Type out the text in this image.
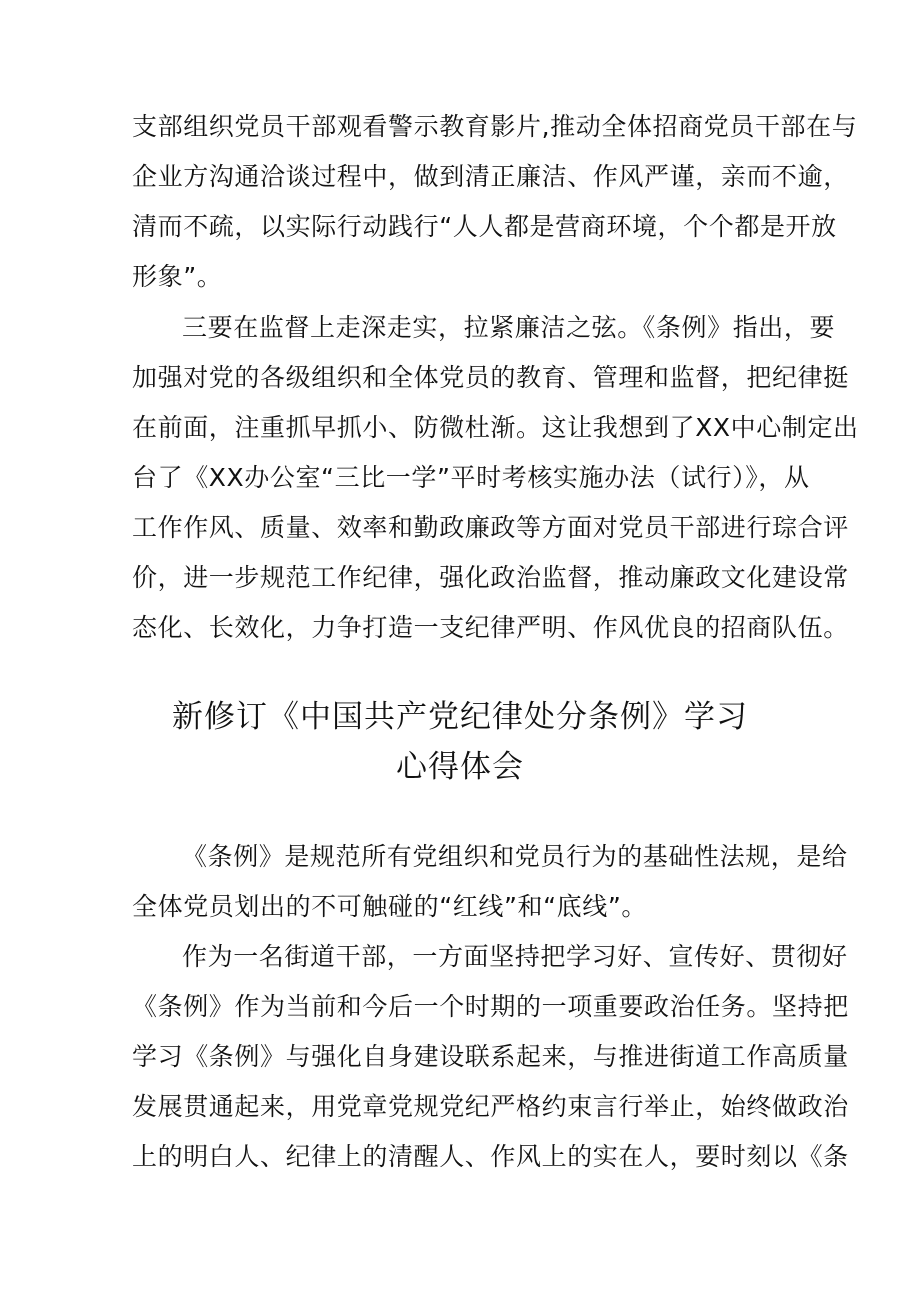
支部组织党员干部观看警示教育影片,推动全体招商党员干部在与
企业方沟通洽谈过程中，做到清正廉洁、作风严谨，亲而不逾，
清而不疏，以实际行动践行“人人都是营商环境，个个都是开放
形象”。
三要在监督上走深走实，拉紧廉洁之弦。《条例》指出，要
加强对党的各级组织和全体党员的教育、管理和监督，把纪律挺
在前面，注重抓早抓小、防微杜渐。这让我想到了XX中心制定出
台了《XX办公室“三比一学”平时考核实施办法（试行）》，从
工作作风、质量、效率和勤政廉政等方面对党员干部进行琮合评
价，进一步规范工作纪律，强化政治监督，推动廉政文化建设常
态化、长效化，力争打造一支纪律严明、作风优良的招商队伍。
新修订《中国共产党纪律处分条例》学习
心得体会
《条例》是规范所有党组织和党员行为的基础性法规，是给
全体党员划出的不可触碰的“红线”和“底线”。
作为一名街道干部，一方面坚持把学习好、宣传好、贯彻好
《条例》作为当前和今后一个时期的一项重要政治任务。坚持把
学习《条例》与强化自身建设联系起来，与推进街道工作高质量
发展贯通起来，用党章党规党纪严格约束言行举止，始终做政治
上的明白人、纪律上的清醒人、作风上的实在人，要时刻以《条
